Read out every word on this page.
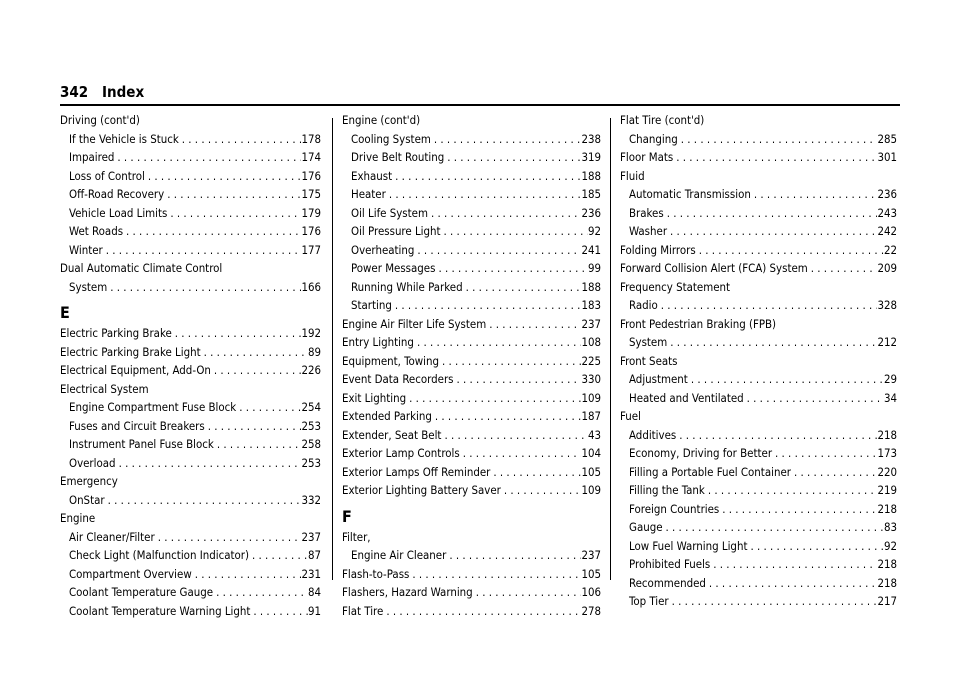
342 Index
Driving (cont'd)
If the Vehicle is Stuck . . .	178
Impaired . . .	174
Loss of Control . . .	176
Off-Road Recovery . . .	175
Vehicle Load Limits . . .	179
Wet Roads . . .	176
Winter . . .	177
Dual Automatic Climate Control
System . . .	166
E
Electric Parking Brake . . .	192
Electric Parking Brake Light . . .	89
Electrical Equipment, Add-On . . .	226
Electrical System
Engine Compartment Fuse Block . . .	254
Fuses and Circuit Breakers . . .	253
Instrument Panel Fuse Block . . .	258
Overload . . .	253
Emergency
OnStar . . .	332
Engine
Air Cleaner/Filter . . .	237
Check Light (Malfunction Indicator) . . .	87
Compartment Overview . . .	231
Coolant Temperature Gauge . . .	84
Coolant Temperature Warning Light . . .	91
Engine (cont'd)
Cooling System . . .	238
Drive Belt Routing . . .	319
Exhaust . . .	188
Heater . . .	185
Oil Life System . . .	236
Oil Pressure Light . . .	92
Overheating . . .	241
Power Messages . . .	99
Running While Parked . . .	188
Starting . . .	183
Engine Air Filter Life System . . .	237
Entry Lighting . . .	108
Equipment, Towing . . .	225
Event Data Recorders . . .	330
Exit Lighting . . .	109
Extended Parking . . .	187
Extender, Seat Belt . . .	43
Exterior Lamp Controls . . .	104
Exterior Lamps Off Reminder . . .	105
Exterior Lighting Battery Saver . . .	109
F
Filter,
Engine Air Cleaner . . .	237
Flash-to-Pass . . .	105
Flashers, Hazard Warning . . .	106
Flat Tire . . .	278
Flat Tire (cont'd)
Changing . . .	285
Floor Mats . . .	301
Fluid
Automatic Transmission . . .	236
Brakes . . .	243
Washer . . .	242
Folding Mirrors . . .	22
Forward Collision Alert (FCA) System . . .	209
Frequency Statement
Radio . . .	328
Front Pedestrian Braking (FPB)
System . . .	212
Front Seats
Adjustment . . .	29
Heated and Ventilated . . .	34
Fuel
Additives . . .	218
Economy, Driving for Better . . .	173
Filling a Portable Fuel Container . . .	220
Filling the Tank . . .	219
Foreign Countries . . .	218
Gauge . . .	83
Low Fuel Warning Light . . .	92
Prohibited Fuels . . .	218
Recommended . . .	218
Top Tier . . .	217
